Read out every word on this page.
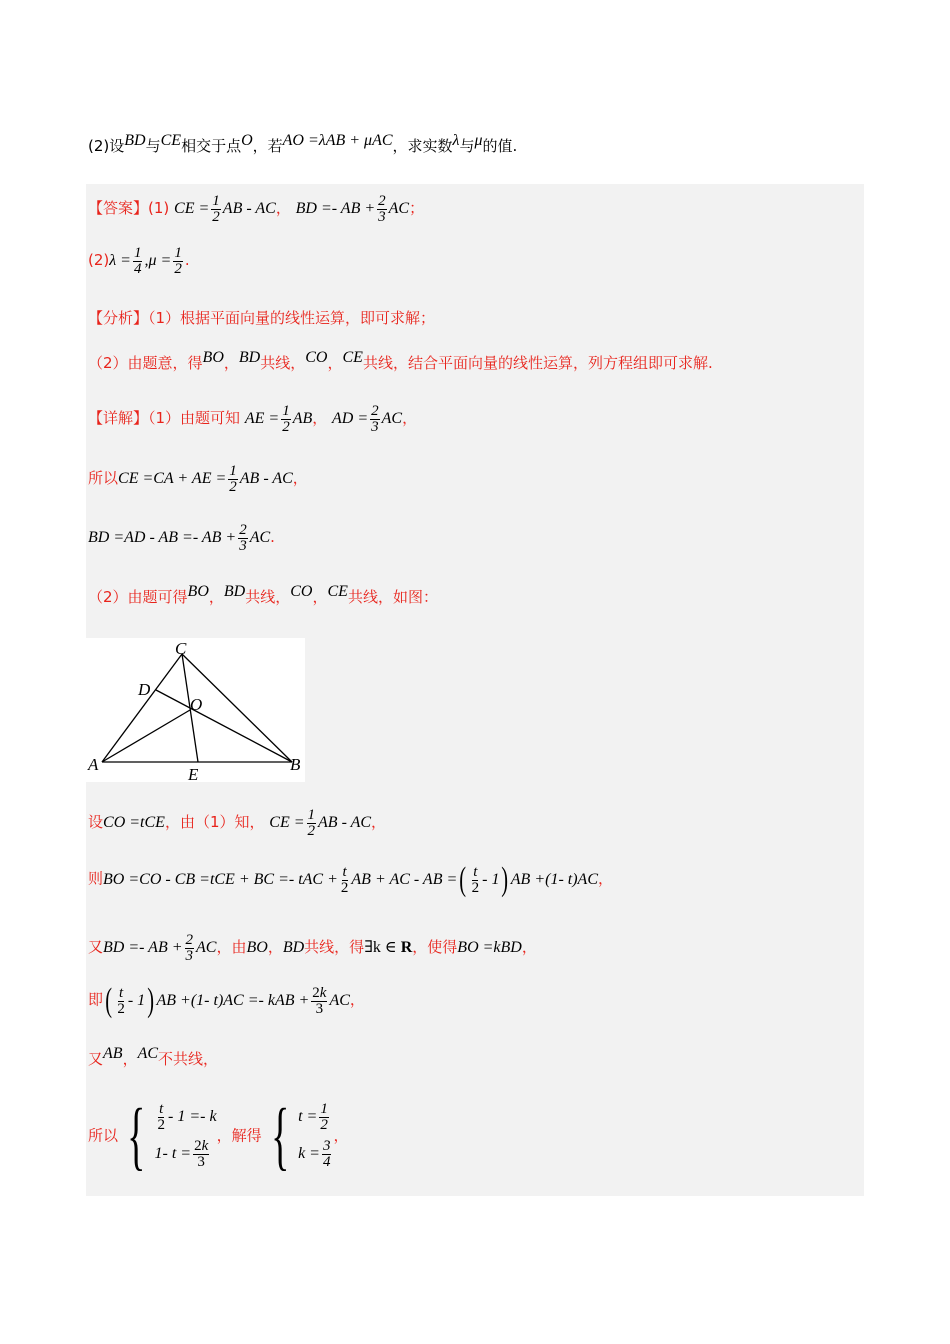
(2)设BD与CE相交于点O，若AO =λAB + μAC，求实数λ与μ的值.
【答案】(1) CE = $\frac{1}{2}$ AB - AC， BD =- AB + $\frac{2}{3}$ AC；
$(2)\lambda = \frac{1}{4} ,\mu = \frac{1}{2}$ .
【分析】（1）根据平面向量的线性运算，即可求解；
（2）由题意，得BO，BD共线，CO，CE共线，结合平面向量的线性运算，列方程组即可求解.
【详解】（1）由题可知 AE = $\frac{1}{2}$ AB， AD = $\frac{2}{3}$ AC，
所以CE =CA + AE = $\frac{1}{2}$ AB - AC，
BD =AD - AB =- AB + $\frac{2}{3}$ AC.
（2）由题可得BO，BD共线，CO，CE共线，如图：
C
D
O
A
E
B
设CO =tCE，由（1）知， CE = $\frac{1}{2}$ AB - AC，
则BO =CO - CB =tCE + BC =- tAC + $\frac{t}{2}$ AB + AC - AB =( $\frac{t}{2} - 1$) AB +(1- t)AC，
又BD =- AB + $\frac{2}{3}$ AC，由BO，BD共线，得∃k ∈ R，使得BO =kBD，
即( $\frac{t}{2} - 1$) AB +(1- t)AC =- kAB + $\frac{2k}{3}$ AC，
又AB，AC不共线，
所以 { $\frac{t}{2} - 1 =- k$
1- $t = \frac{2k}{3}$
，解得 { $t = \frac{1}{2}$
$k = \frac{3}{4}$
，
